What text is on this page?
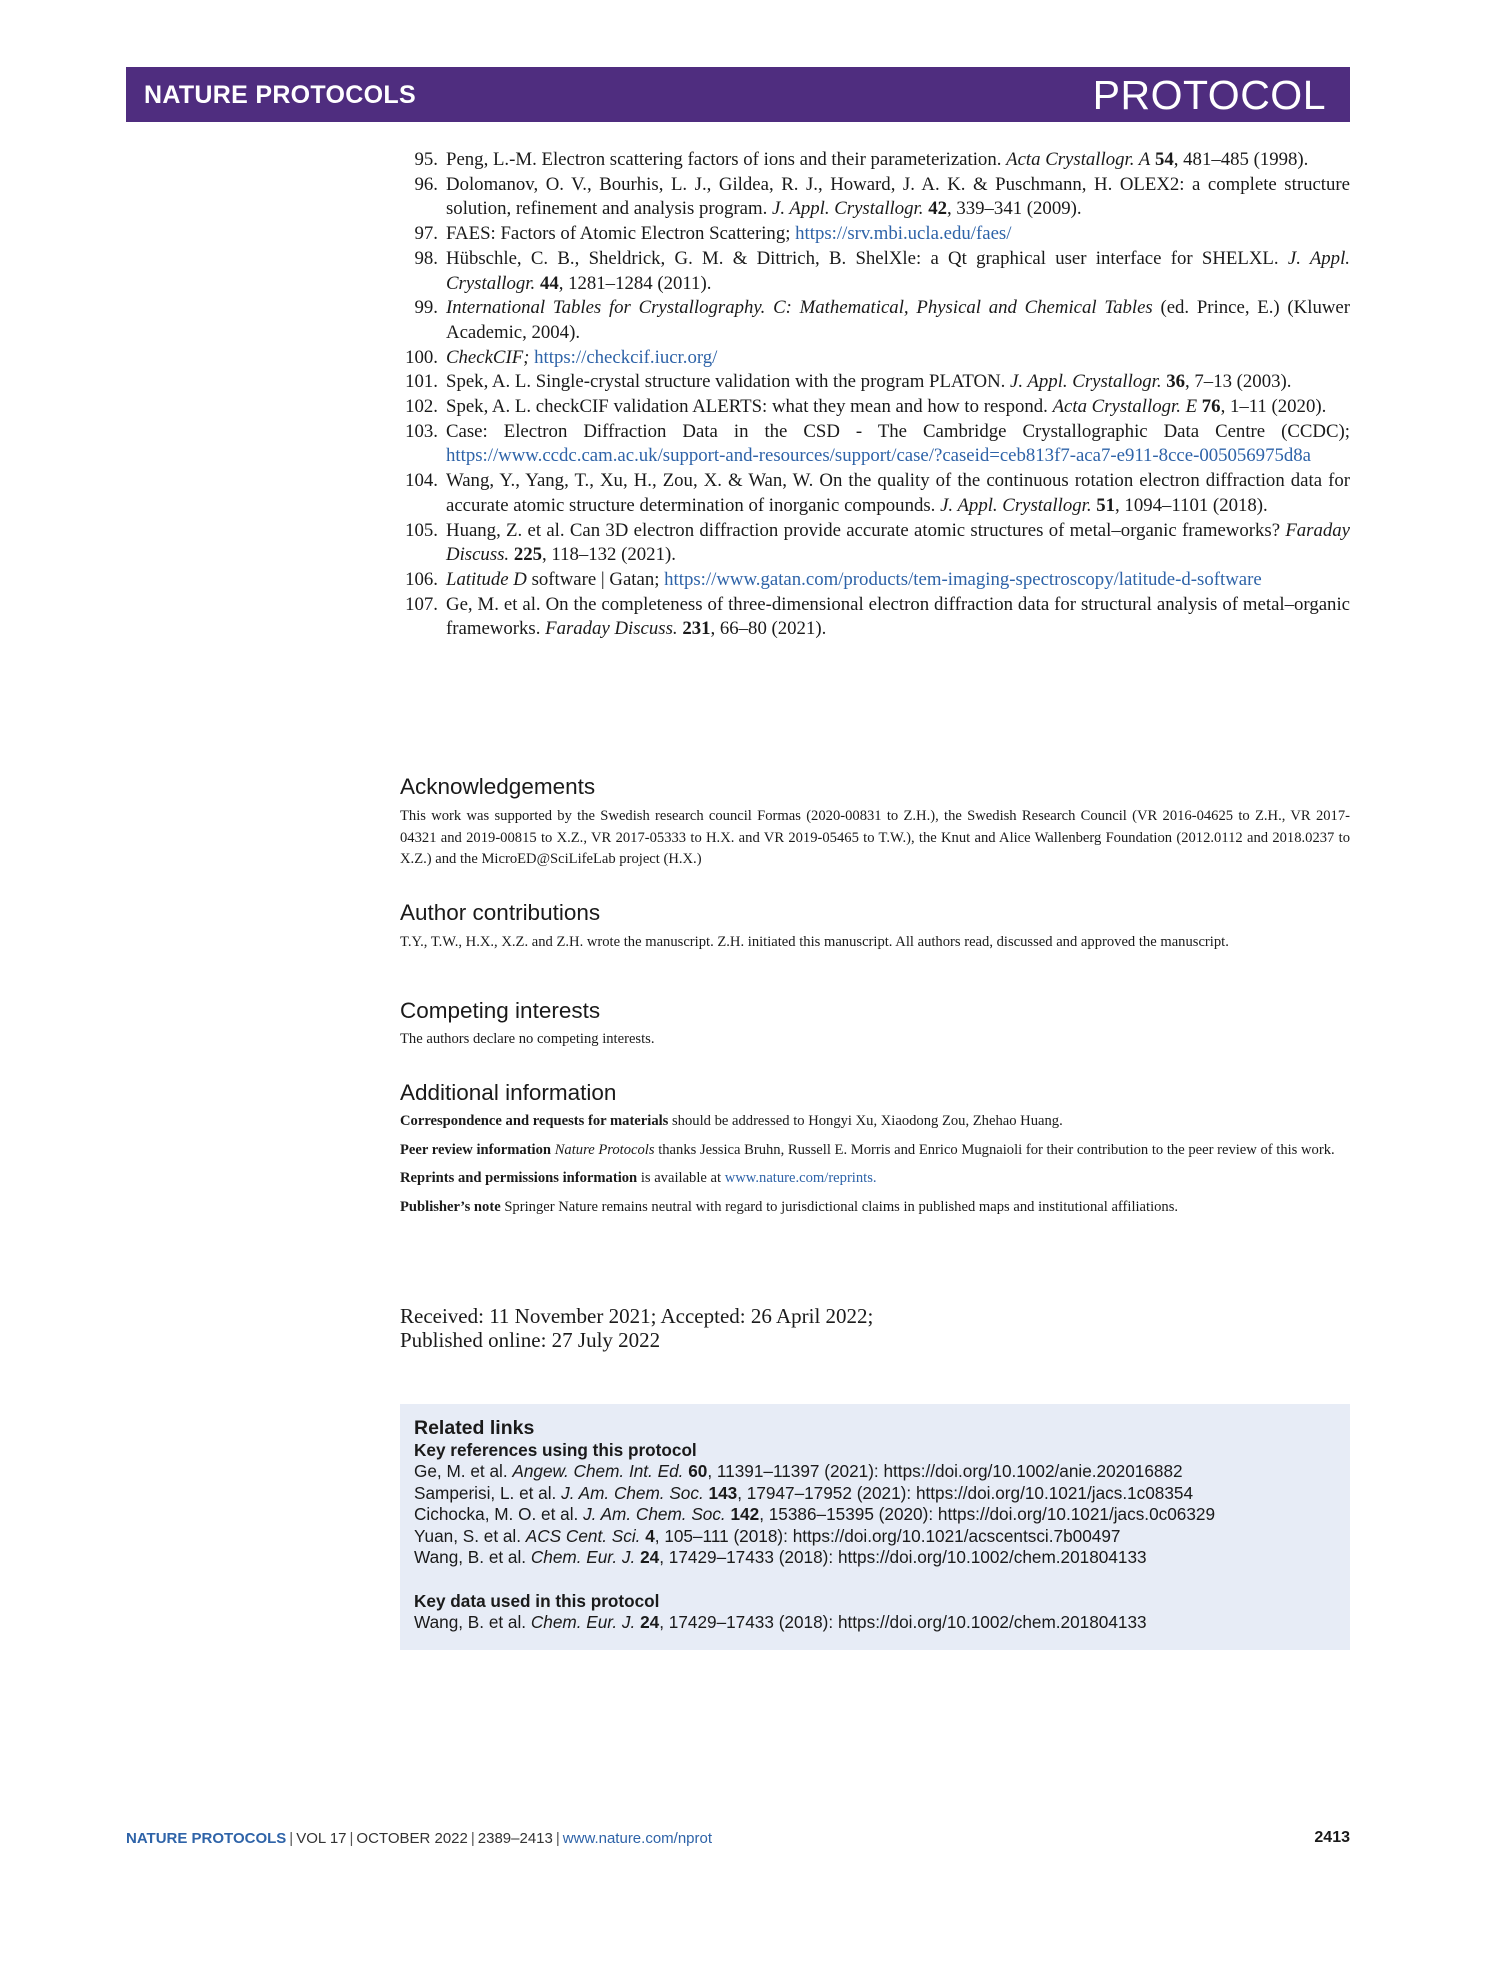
NATURE PROTOCOLS	PROTOCOL
95. Peng, L.-M. Electron scattering factors of ions and their parameterization. Acta Crystallogr. A 54, 481–485 (1998).
96. Dolomanov, O. V., Bourhis, L. J., Gildea, R. J., Howard, J. A. K. & Puschmann, H. OLEX2: a complete structure solution, refinement and analysis program. J. Appl. Crystallogr. 42, 339–341 (2009).
97. FAES: Factors of Atomic Electron Scattering; https://srv.mbi.ucla.edu/faes/
98. Hübschle, C. B., Sheldrick, G. M. & Dittrich, B. ShelXle: a Qt graphical user interface for SHELXL. J. Appl. Crystallogr. 44, 1281–1284 (2011).
99. International Tables for Crystallography. C: Mathematical, Physical and Chemical Tables (ed. Prince, E.) (Kluwer Academic, 2004).
100. CheckCIF; https://checkcif.iucr.org/
101. Spek, A. L. Single-crystal structure validation with the program PLATON. J. Appl. Crystallogr. 36, 7–13 (2003).
102. Spek, A. L. checkCIF validation ALERTS: what they mean and how to respond. Acta Crystallogr. E 76, 1–11 (2020).
103. Case: Electron Diffraction Data in the CSD - The Cambridge Crystallographic Data Centre (CCDC); https://www.ccdc.cam.ac.uk/support-and-resources/support/case/?caseid=ceb813f7-aca7-e911-8cce-005056975d8a
104. Wang, Y., Yang, T., Xu, H., Zou, X. & Wan, W. On the quality of the continuous rotation electron diffraction data for accurate atomic structure determination of inorganic compounds. J. Appl. Crystallogr. 51, 1094–1101 (2018).
105. Huang, Z. et al. Can 3D electron diffraction provide accurate atomic structures of metal–organic frameworks? Faraday Discuss. 225, 118–132 (2021).
106. Latitude D software | Gatan; https://www.gatan.com/products/tem-imaging-spectroscopy/latitude-d-software
107. Ge, M. et al. On the completeness of three-dimensional electron diffraction data for structural analysis of metal–organic frameworks. Faraday Discuss. 231, 66–80 (2021).
Acknowledgements
This work was supported by the Swedish research council Formas (2020-00831 to Z.H.), the Swedish Research Council (VR 2016-04625 to Z.H., VR 2017-04321 and 2019-00815 to X.Z., VR 2017-05333 to H.X. and VR 2019-05465 to T.W.), the Knut and Alice Wallenberg Foundation (2012.0112 and 2018.0237 to X.Z.) and the MicroED@SciLifeLab project (H.X.)
Author contributions
T.Y., T.W., H.X., X.Z. and Z.H. wrote the manuscript. Z.H. initiated this manuscript. All authors read, discussed and approved the manuscript.
Competing interests
The authors declare no competing interests.
Additional information

Correspondence and requests for materials should be addressed to Hongyi Xu, Xiaodong Zou, Zhehao Huang.

Peer review information Nature Protocols thanks Jessica Bruhn, Russell E. Morris and Enrico Mugnaioli for their contribution to the peer review of this work.

Reprints and permissions information is available at www.nature.com/reprints.

Publisher’s note Springer Nature remains neutral with regard to jurisdictional claims in published maps and institutional affiliations.

Received: 11 November 2021; Accepted: 26 April 2022;
Published online: 27 July 2022
Related links
Key references using this protocol
Ge, M. et al. Angew. Chem. Int. Ed. 60, 11391–11397 (2021): https://doi.org/10.1002/anie.202016882
Samperisi, L. et al. J. Am. Chem. Soc. 143, 17947–17952 (2021): https://doi.org/10.1021/jacs.1c08354
Cichocka, M. O. et al. J. Am. Chem. Soc. 142, 15386–15395 (2020): https://doi.org/10.1021/jacs.0c06329
Yuan, S. et al. ACS Cent. Sci. 4, 105–111 (2018): https://doi.org/10.1021/acscentsci.7b00497
Wang, B. et al. Chem. Eur. J. 24, 17429–17433 (2018): https://doi.org/10.1002/chem.201804133
Key data used in this protocol
Wang, B. et al. Chem. Eur. J. 24, 17429–17433 (2018): https://doi.org/10.1002/chem.201804133
NATURE PROTOCOLS | VOL 17 | OCTOBER 2022 | 2389–2413 | www.nature.com/nprot	2413
